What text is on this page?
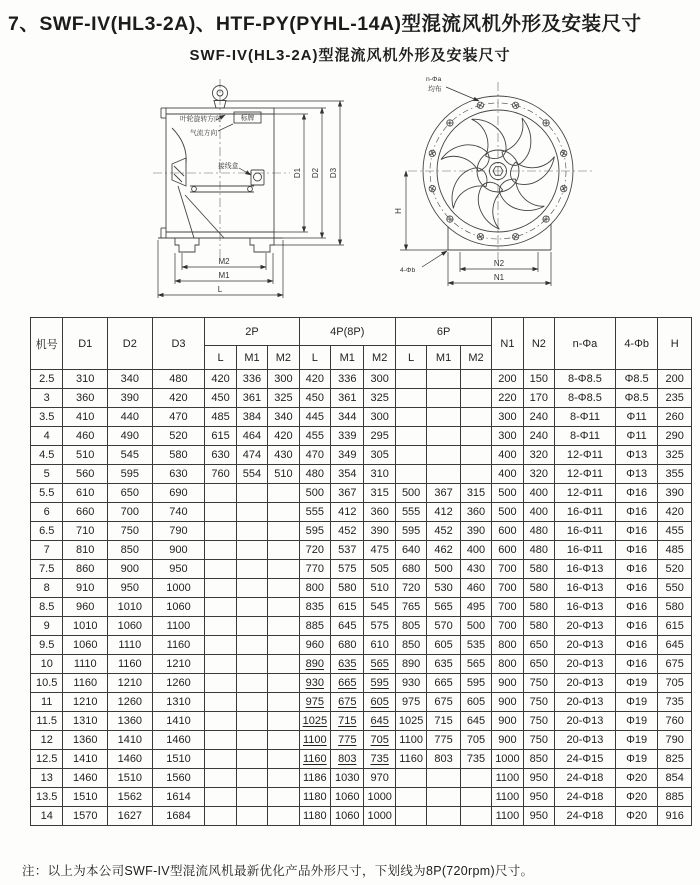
7、SWF-IV(HL3-2A)、HTF-PY(PYHL-14A)型混流风机外形及安装尺寸
SWF-IV(HL3-2A)型混流风机外形及安装尺寸
叶轮旋转方向	标牌
气流方向
接线盒
M2
M1
L
D1 D2 D3
n-Φa
均布
4-Φb
H
N2
N1
机号	D1	D2	D3	2P			4P(8P)			6P			N1	N2	n-Φa	4-Φb	H
				L	M1	M2	L	M1	M2	L	M1	M2					
2.5	310	340	480	420	336	300	420	336	300				200	150	8-Φ8.5	Φ8.5	200
3	360	390	420	450	361	325	450	361	325				220	170	8-Φ8.5	Φ8.5	235
3.5	410	440	470	485	384	340	445	344	300				300	240	8-Φ11	Φ11	260
4	460	490	520	615	464	420	455	339	295				300	240	8-Φ11	Φ11	290
4.5	510	545	580	630	474	430	470	349	305				400	320	12-Φ11	Φ13	325
5	560	595	630	760	554	510	480	354	310				400	320	12-Φ11	Φ13	355
5.5	610	650	690				500	367	315	500	367	315	500	400	12-Φ11	Φ16	390
6	660	700	740				555	412	360	555	412	360	500	400	16-Φ11	Φ16	420
6.5	710	750	790				595	452	390	595	452	390	600	480	16-Φ11	Φ16	455
7	810	850	900				720	537	475	640	462	400	600	480	16-Φ11	Φ16	485
7.5	860	900	950				770	575	505	680	500	430	700	580	16-Φ13	Φ16	520
8	910	950	1000				800	580	510	720	530	460	700	580	16-Φ13	Φ16	550
8.5	960	1010	1060				835	615	545	765	565	495	700	580	16-Φ13	Φ16	580
9	1010	1060	1100				885	645	575	805	570	500	700	580	20-Φ13	Φ16	615
9.5	1060	1110	1160				960	680	610	850	605	535	800	650	20-Φ13	Φ16	645
10	1110	1160	1210				890	635	565	890	635	565	800	650	20-Φ13	Φ16	675
10.5	1160	1210	1260				930	665	595	930	665	595	900	750	20-Φ13	Φ19	705
11	1210	1260	1310				975	675	605	975	675	605	900	750	20-Φ13	Φ19	735
11.5	1310	1360	1410				1025	715	645	1025	715	645	900	750	20-Φ13	Φ19	760
12	1360	1410	1460				1100	775	705	1100	775	705	900	750	20-Φ13	Φ19	790
12.5	1410	1460	1510				1160	803	735	1160	803	735	1000	850	24-Φ15	Φ19	825
13	1460	1510	1560				1186	1030	970				1100	950	24-Φ18	Φ20	854
13.5	1510	1562	1614				1180	1060	1000				1100	950	24-Φ18	Φ20	885
14	1570	1627	1684				1180	1060	1000				1100	950	24-Φ18	Φ20	916
注：以上为本公司SWF-IV型混流风机最新优化产品外形尺寸，下划线为8P(720rpm)尺寸。
